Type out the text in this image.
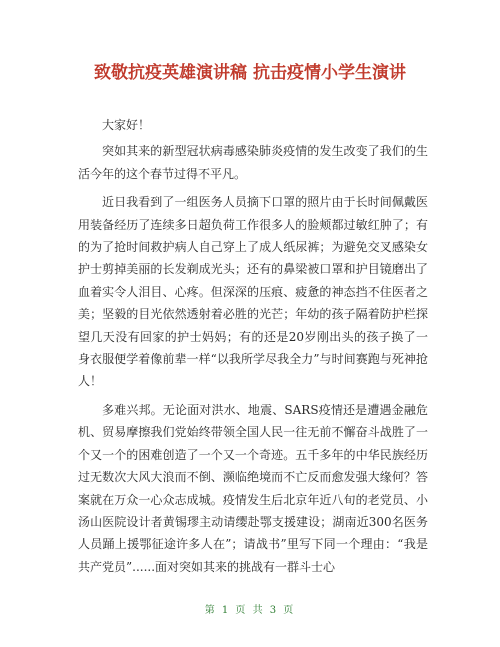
致敬抗疫英雄演讲稿 抗击疫情小学生演讲

大家好！

突如其来的新型冠状病毒感染肺炎疫情的发生改变了我们的生活今年的这个春节过得不平凡。

近日我看到了一组医务人员摘下口罩的照片由于长时间佩戴医用装备经历了连续多日超负荷工作很多人的脸颊都过敏红肿了；有的为了抢时间救护病人自己穿上了成人纸尿裤；为避免交叉感染女护士剪掉美丽的长发剃成光头；还有的鼻梁被口罩和护目镜磨出了血着实令人泪目、心疼。但深深的压痕、疲惫的神态挡不住医者之美；坚毅的目光依然透射着必胜的光芒；年幼的孩子隔着防护栏探望几天没有回家的护士妈妈；有的还是20岁刚出头的孩子换了一身衣服便学着像前辈一样“以我所学尽我全力”与时间赛跑与死神抢人！

多难兴邦。无论面对洪水、地震、SARS疫情还是遭遇金融危机、贸易摩擦我们党始终带领全国人民一往无前不懈奋斗战胜了一个又一个的困难创造了一个又一个奇迹。五千多年的中华民族经历过无数次大风大浪而不倒、濒临绝境而不亡反而愈发强大缘何？答案就在万众一心众志成城。疫情发生后北京年近八旬的老党员、小汤山医院设计者黄锡璆主动请缨赴鄂支援建设；湖南近300名医务人员踊上援鄂征途许多人在”；请战书”里写下同一个理由：“我是共产党员”......面对突如其来的挑战有一群斗士心

第 1 页 共 3 页
